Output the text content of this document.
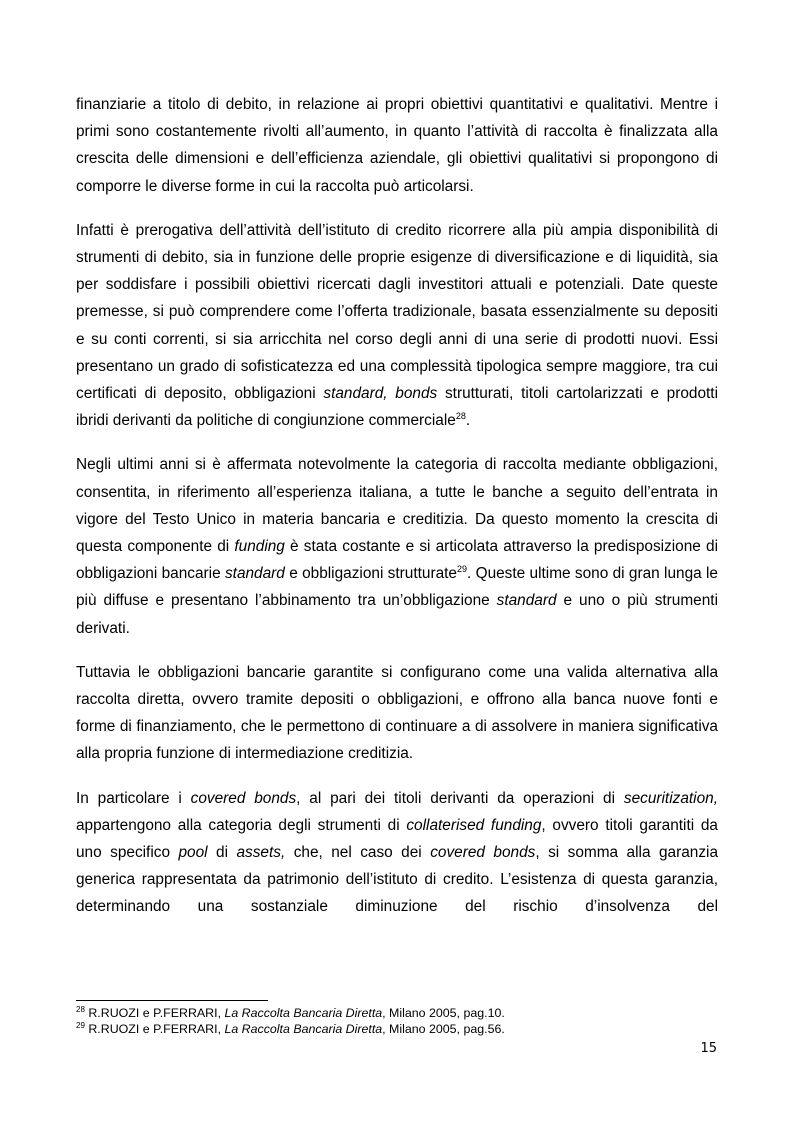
finanziarie a titolo di debito, in relazione ai propri obiettivi quantitativi e qualitativi. Mentre i primi sono costantemente rivolti all’aumento, in quanto l’attività di raccolta è finalizzata alla crescita delle dimensioni e dell’efficienza aziendale, gli obiettivi qualitativi si propongono di comporre le diverse forme in cui la raccolta può articolarsi.

Infatti è prerogativa dell’attività dell’istituto di credito ricorrere alla più ampia disponibilità di strumenti di debito, sia in funzione delle proprie esigenze di diversificazione e di liquidità, sia per soddisfare i possibili obiettivi ricercati dagli investitori attuali e potenziali. Date queste premesse, si può comprendere come l’offerta tradizionale, basata essenzialmente su depositi e su conti correnti, si sia arricchita nel corso degli anni di una serie di prodotti nuovi. Essi presentano un grado di sofisticatezza ed una complessità tipologica sempre maggiore, tra cui certificati di deposito, obbligazioni standard, bonds strutturati, titoli cartolarizzati e prodotti ibridi derivanti da politiche di congiunzione commerciale$^{28}$.

Negli ultimi anni si è affermata notevolmente la categoria di raccolta mediante obbligazioni, consentita, in riferimento all’esperienza italiana, a tutte le banche a seguito dell’entrata in vigore del Testo Unico in materia bancaria e creditizia. Da questo momento la crescita di questa componente di funding è stata costante e si articolata attraverso la predisposizione di obbligazioni bancarie standard e obbligazioni strutturate$^{29}$. Queste ultime sono di gran lunga le più diffuse e presentano l’abbinamento tra un’obbligazione standard e uno o più strumenti derivati.

Tuttavia le obbligazioni bancarie garantite si configurano come una valida alternativa alla raccolta diretta, ovvero tramite depositi o obbligazioni, e offrono alla banca nuove fonti e forme di finanziamento, che le permettono di continuare a di assolvere in maniera significativa alla propria funzione di intermediazione creditizia.

In particolare i covered bonds, al pari dei titoli derivanti da operazioni di securitization, appartengono alla categoria degli strumenti di collaterised funding, ovvero titoli garantiti da uno specifico pool di assets, che, nel caso dei covered bonds, si somma alla garanzia generica rappresentata da patrimonio dell’istituto di credito. L’esistenza di questa garanzia, determinando una sostanziale diminuzione del rischio d’insolvenza del

$^{28}$ R.RUOZI e P.FERRARI, La Raccolta Bancaria Diretta, Milano 2005, pag.10.

$^{29}$ R.RUOZI e P.FERRARI, La Raccolta Bancaria Diretta, Milano 2005, pag.56.

15
